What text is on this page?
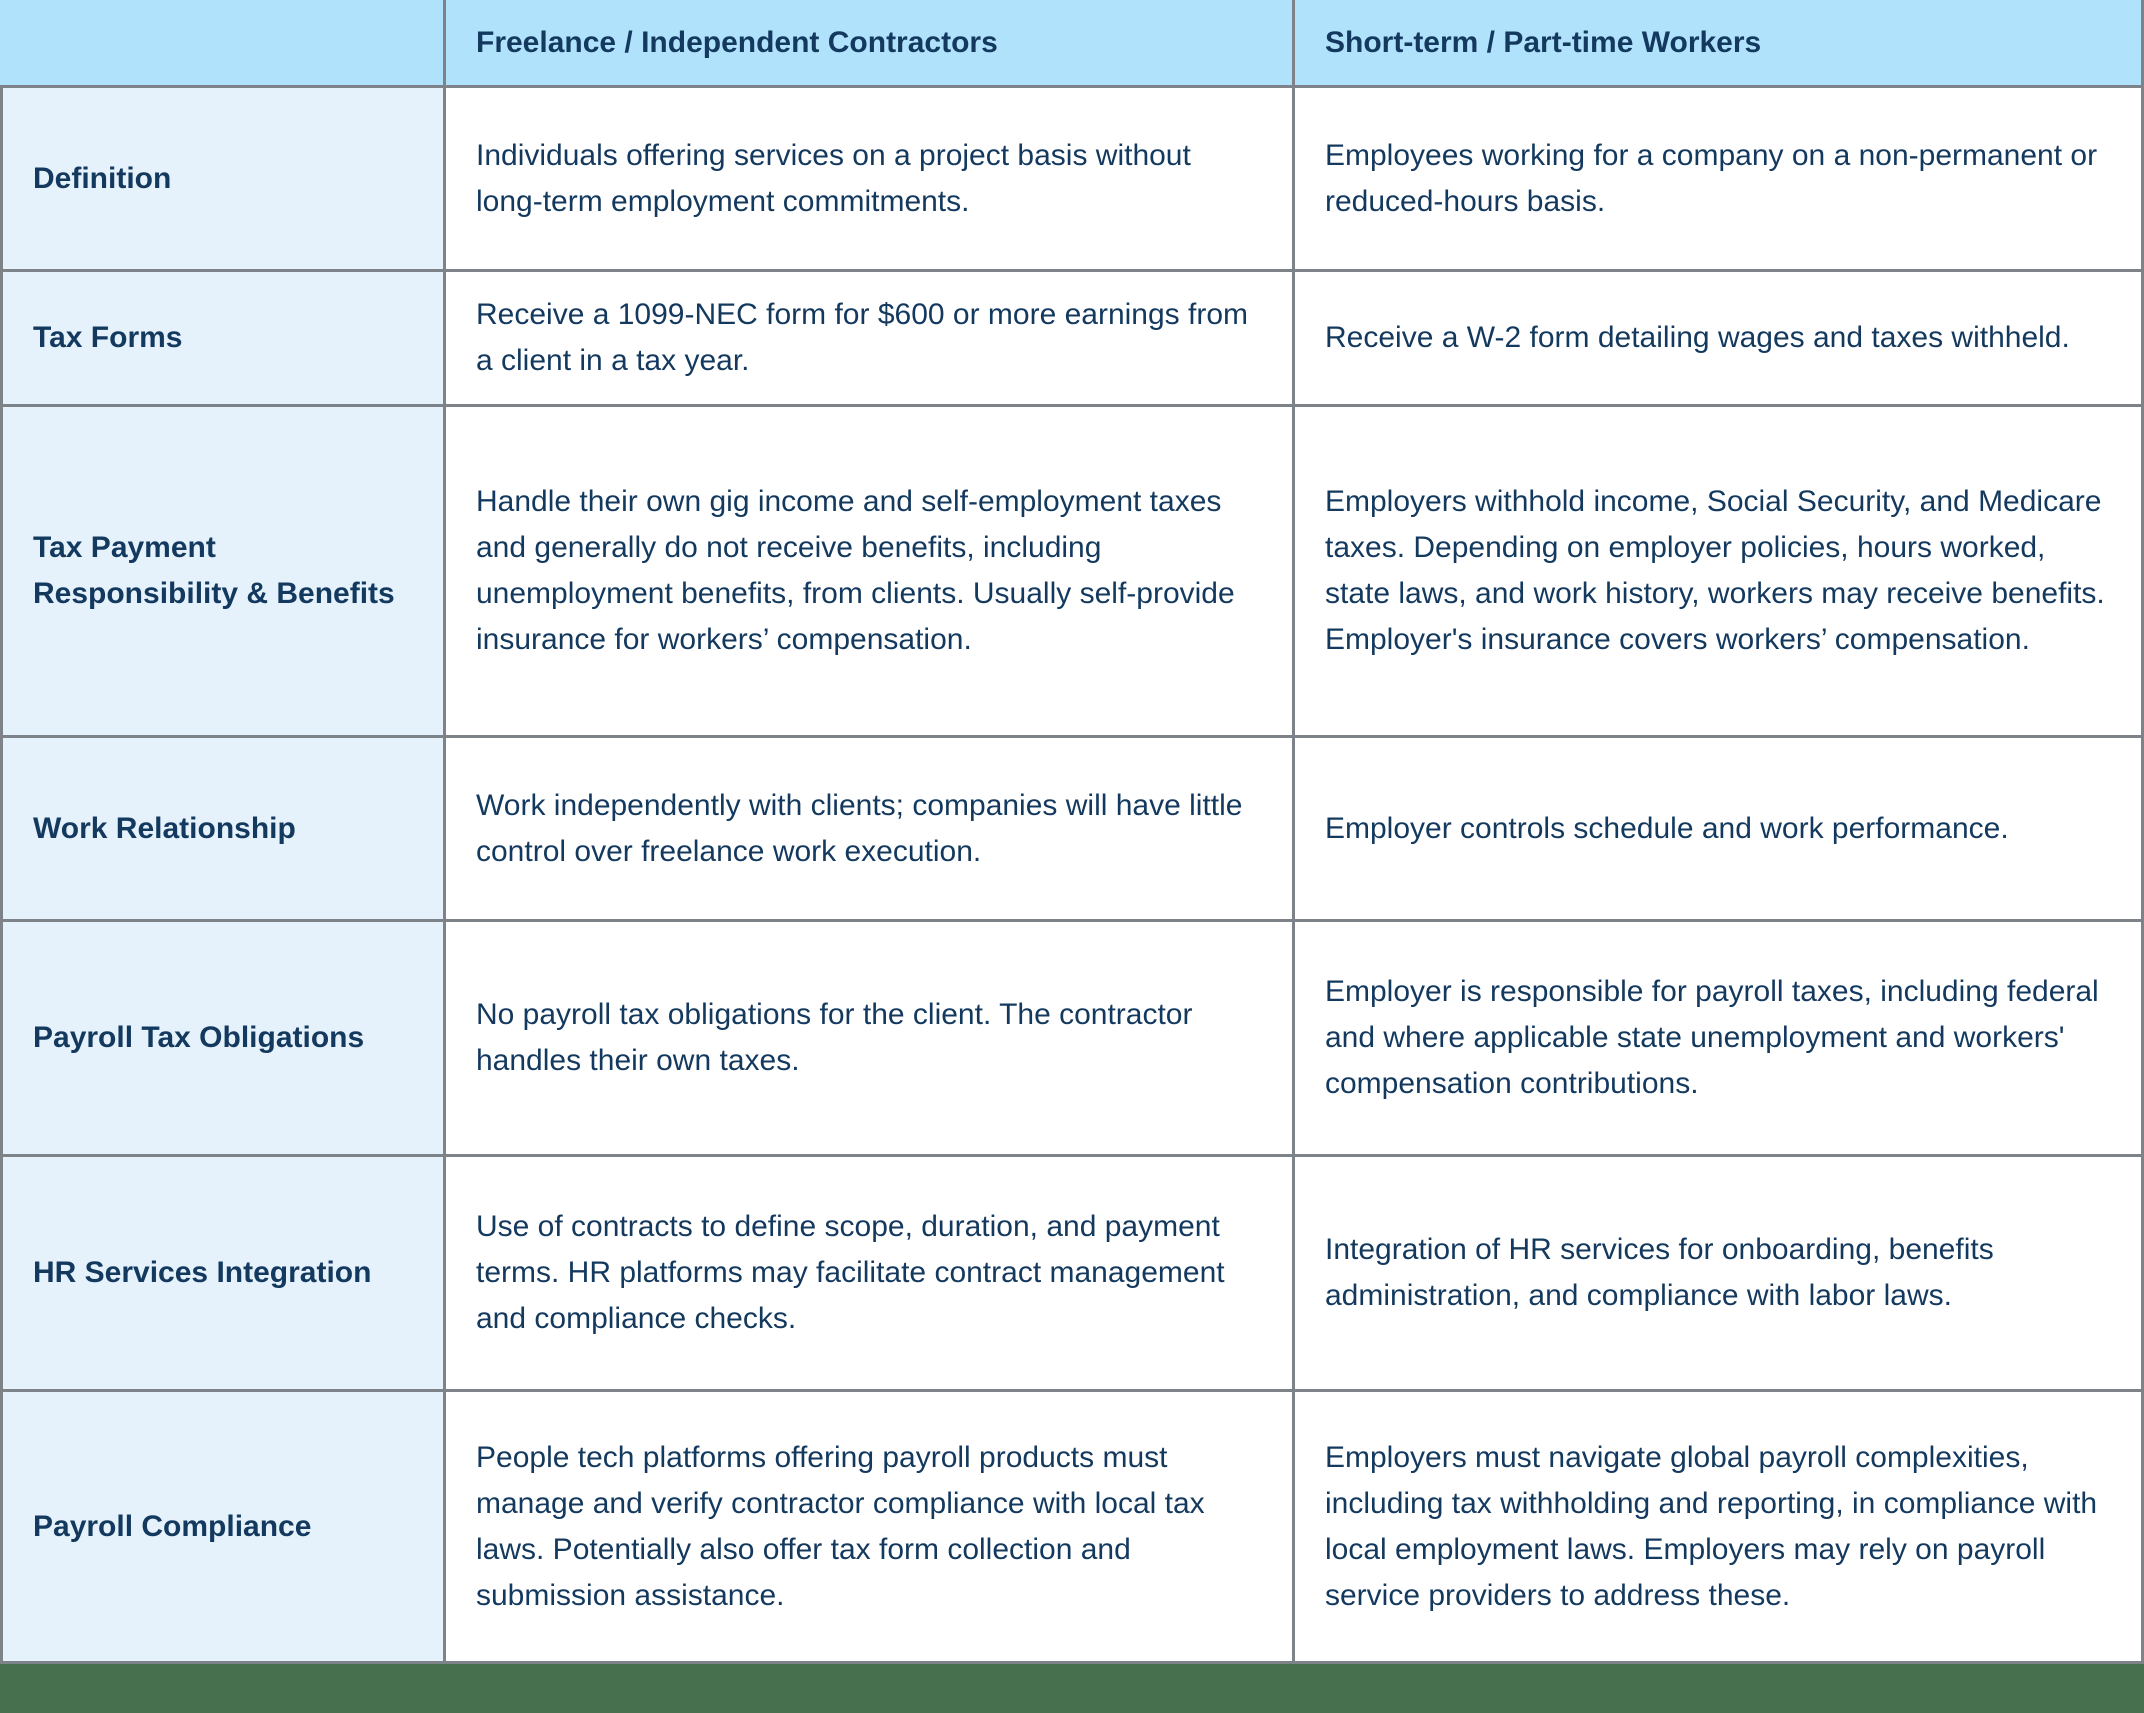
Freelance / Independent Contractors	Short-term / Part-time Workers
Definition
Individuals offering services on a project basis without long-term employment commitments.
Employees working for a company on a non-permanent or reduced-hours basis.
Tax Forms
Receive a 1099-NEC form for $600 or more earnings from a client in a tax year.
Receive a W-2 form detailing wages and taxes withheld.
Tax Payment Responsibility & Benefits
Handle their own gig income and self-employment taxes and generally do not receive benefits, including unemployment benefits, from clients. Usually self-provide insurance for workers’ compensation.
Employers withhold income, Social Security, and Medicare taxes. Depending on employer policies, hours worked, state laws, and work history, workers may receive benefits. Employer's insurance covers workers’ compensation.
Work Relationship
Work independently with clients; companies will have little control over freelance work execution.
Employer controls schedule and work performance.
Payroll Tax Obligations
No payroll tax obligations for the client. The contractor handles their own taxes.
Employer is responsible for payroll taxes, including federal and where applicable state unemployment and workers' compensation contributions.
HR Services Integration
Use of contracts to define scope, duration, and payment terms. HR platforms may facilitate contract management and compliance checks.
Integration of HR services for onboarding, benefits administration, and compliance with labor laws.
Payroll Compliance
People tech platforms offering payroll products must manage and verify contractor compliance with local tax laws. Potentially also offer tax form collection and submission assistance.
Employers must navigate global payroll complexities, including tax withholding and reporting, in compliance with local employment laws. Employers may rely on payroll service providers to address these.
